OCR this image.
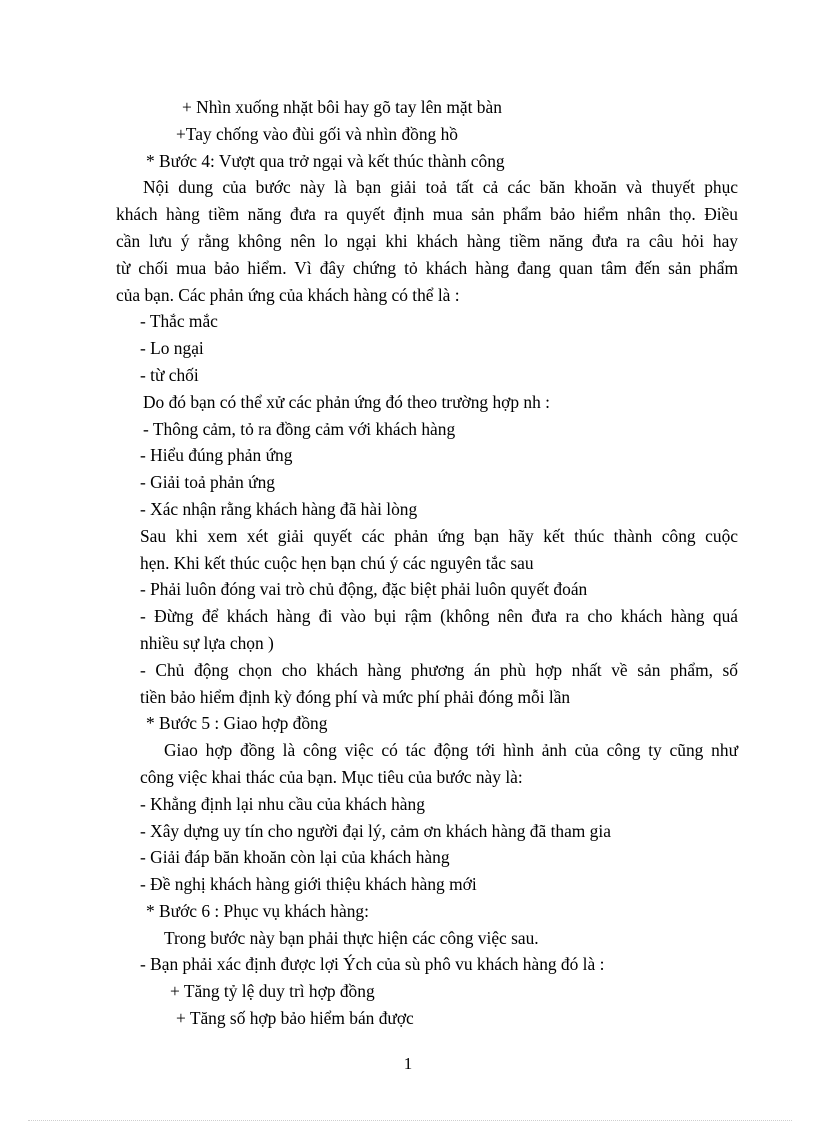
+ Nhìn xuống nhặt bôi hay gõ tay lên mặt bàn
+Tay chống vào đùi gối và nhìn đồng hồ
* Bước 4: Vượt qua trở ngại và kết thúc thành công
Nội dung của bước này là bạn giải toả tất cả các băn khoăn và thuyết phục
khách hàng tiềm năng đưa ra quyết định mua sản phẩm bảo hiểm nhân thọ. Điều
cần lưu ý rằng không nên lo ngại khi khách hàng tiềm năng đưa ra câu hỏi hay
từ chối mua bảo hiểm. Vì đây chứng tỏ khách hàng đang quan tâm đến sản phẩm
của bạn. Các phản ứng của khách hàng có thể là :
- Thắc mắc
- Lo ngại
- từ chối
Do đó bạn có thể xử các phản ứng đó theo trường hợp nh :
- Thông cảm, tỏ ra đồng cảm với khách hàng
- Hiểu đúng phản ứng
- Giải toả phản ứng
- Xác nhận rằng khách hàng đã hài lòng
Sau khi xem xét giải quyết các phản ứng bạn hãy kết thúc thành công cuộc
hẹn. Khi kết thúc cuộc hẹn bạn chú ý các nguyên tắc sau
- Phải luôn đóng vai trò chủ động, đặc biệt phải luôn quyết đoán
- Đừng để khách hàng đi vào bụi rậm (không nên đưa ra cho khách hàng quá
nhiều sự lựa chọn )
- Chủ động chọn cho khách hàng phương án phù hợp nhất về sản phẩm, số
tiền bảo hiểm định kỳ đóng phí và mức phí phải đóng mỗi lần
* Bước 5 : Giao hợp đồng
Giao hợp đồng là công việc có tác động tới hình ảnh của công ty cũng như
công việc khai thác của bạn. Mục tiêu của bước này là:
- Khẳng định lại nhu cầu của khách hàng
- Xây dựng uy tín cho người đại lý, cảm ơn khách hàng đã tham gia
- Giải đáp băn khoăn còn lại của khách hàng
- Đề nghị khách hàng giới thiệu khách hàng mới
* Bước 6 : Phục vụ khách hàng:
Trong bước này bạn phải thực hiện các công việc sau.
- Bạn phải xác định được lợi Ých của sù phô vu khách hàng đó là :
+ Tăng tỷ lệ duy trì hợp đồng
+ Tăng số hợp bảo hiểm bán được
1
